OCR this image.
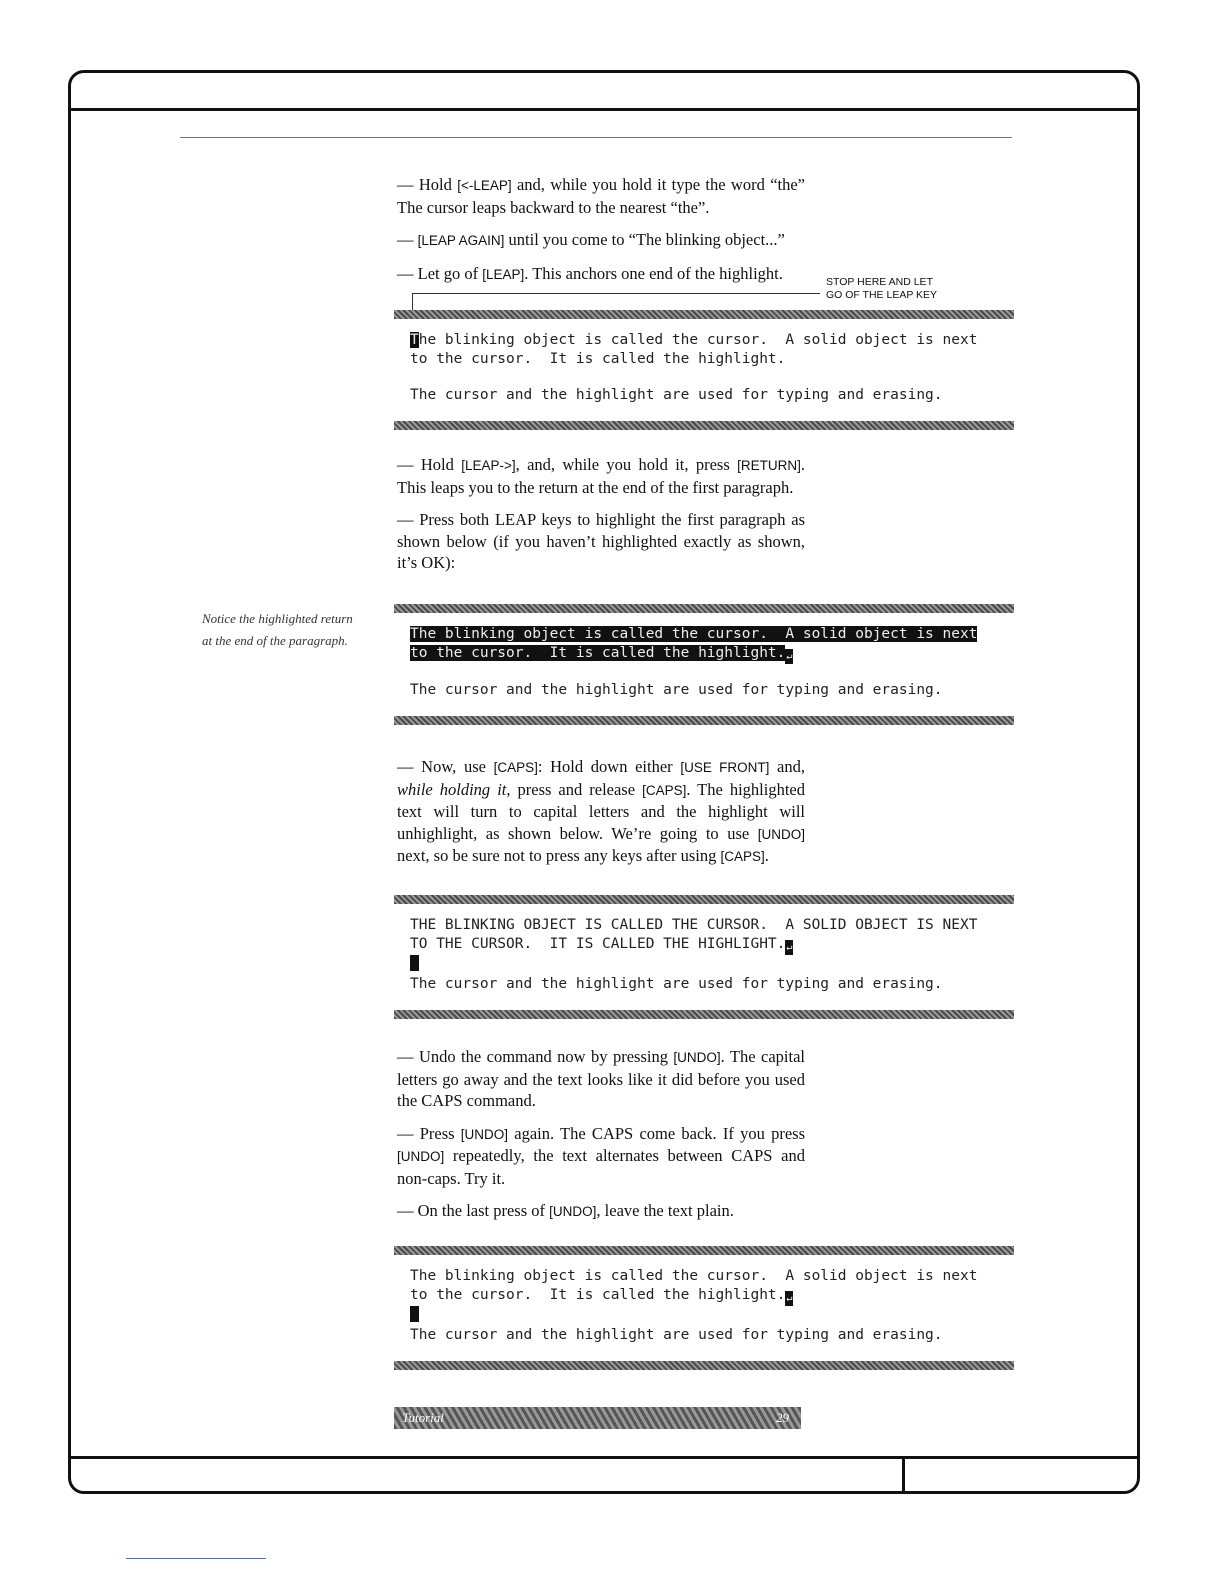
— Hold [<-LEAP] and, while you hold it type the word “the” The cursor leaps backward to the nearest “the”.

— [LEAP AGAIN] until you come to “The blinking object...”

— Let go of [LEAP]. This anchors one end of the highlight.	STOP HERE AND LET
GO OF THE LEAP KEY
The blinking object is called the cursor.  A solid object is next
to the cursor.  It is called the highlight.

The cursor and the highlight are used for typing and erasing.

— Hold [LEAP->], and, while you hold it, press [RETURN]. This leaps you to the return at the end of the first paragraph.

— Press both LEAP keys to highlight the first paragraph as shown below (if you haven’t highlighted exactly as shown, it’s OK):

Notice the highlighted return at the end of the paragraph.	The blinking object is called the cursor.  A solid object is next
to the cursor.  It is called the highlight.↵

The cursor and the highlight are used for typing and erasing.

— Now, use [CAPS]: Hold down either [USE FRONT] and, while holding it, press and release [CAPS]. The highlighted text will turn to capital letters and the highlight will unhighlight, as shown below. We’re going to use [UNDO] next, so be sure not to press any keys after using [CAPS].

THE BLINKING OBJECT IS CALLED THE CURSOR.  A SOLID OBJECT IS NEXT
TO THE CURSOR.  IT IS CALLED THE HIGHLIGHT.↵

The cursor and the highlight are used for typing and erasing.

— Undo the command now by pressing [UNDO]. The capital letters go away and the text looks like it did before you used the CAPS command.

— Press [UNDO] again. The CAPS come back. If you press [UNDO] repeatedly, the text alternates between CAPS and non-caps. Try it.

— On the last press of [UNDO], leave the text plain.

The blinking object is called the cursor.  A solid object is next
to the cursor.  It is called the highlight.↵

The cursor and the highlight are used for typing and erasing.
Tutorial	29
